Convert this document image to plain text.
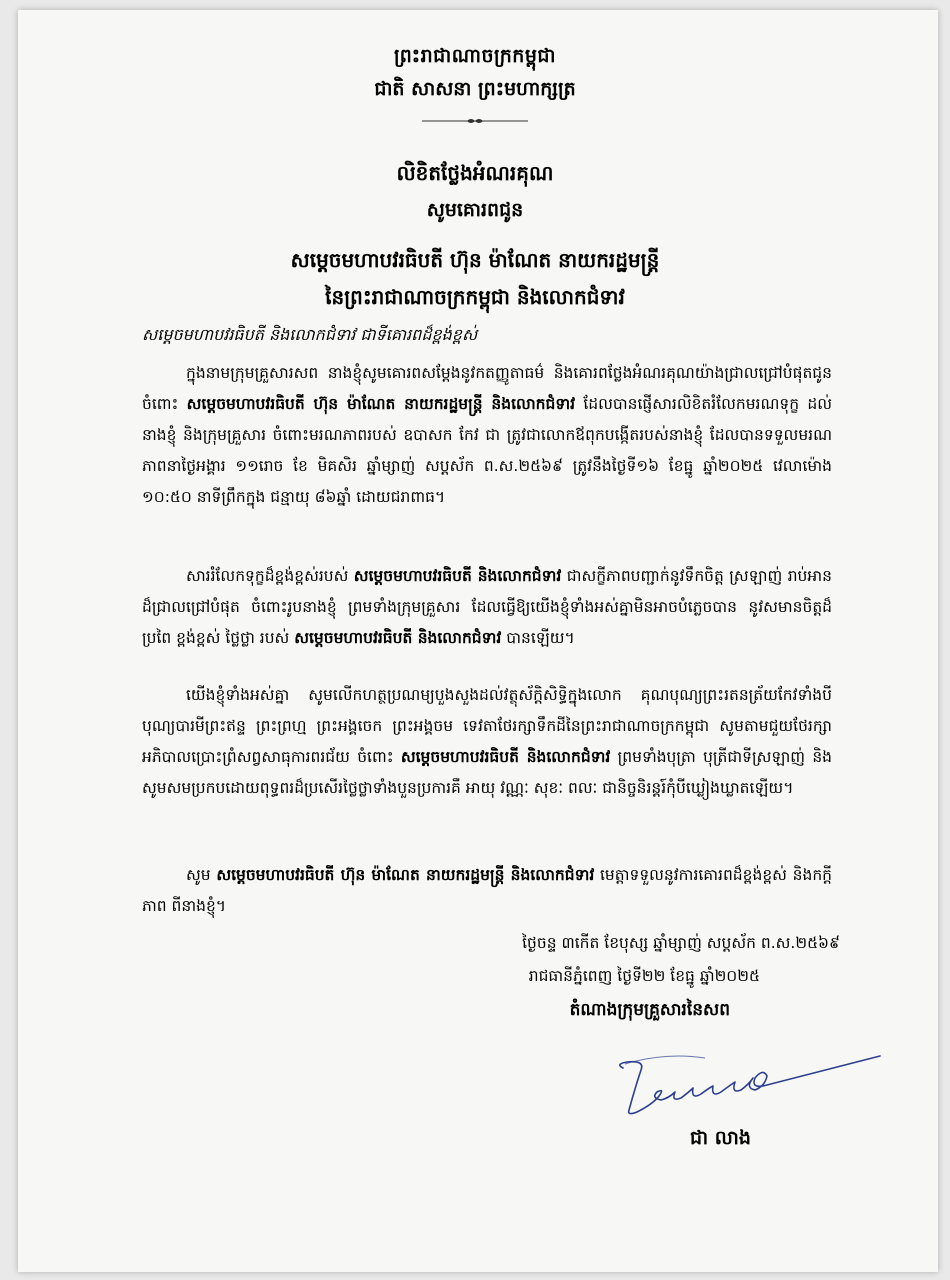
ព្រះរាជាណាចក្រកម្ពុជា
ជាតិ សាសនា ព្រះមហាក្សត្រ
លិខិតថ្លែងអំណរគុណ
សូមគោរពជូន
សម្ដេចមហាបវរធិបតី ហ៊ុន ម៉ាណែត នាយករដ្ឋមន្ត្រី
នៃព្រះរាជាណាចក្រកម្ពុជា និងលោកជំទាវ
សម្ដេចមហាបវរធិបតី និងលោកជំទាវ ជាទីគោរពដ៏ខ្ពង់ខ្ពស់
ក្នុងនាមក្រុមគ្រួសារសព នាងខ្ញុំសូមគោរពសម្ដែងនូវកតញ្ញូតាធម៌ និងគោរពថ្លែងអំណរគុណយ៉ាងជ្រាលជ្រៅបំផុតជូនចំពោះ សម្ដេចមហាបវរធិបតី ហ៊ុន ម៉ាណែត នាយករដ្ឋមន្ត្រី និងលោកជំទាវ ដែលបានផ្ញើសារលិខិតរំលែកមរណទុក្ខ ដល់នាងខ្ញុំ និងក្រុមគ្រួសារ ចំពោះមរណភាពរបស់ ឧបាសក កែវ ជា ត្រូវជាលោកឪពុកបង្កើតរបស់នាងខ្ញុំ ដែលបានទទួលមរណភាពនាថ្ងៃអង្គារ ១១រោច ខែ មិគសិរ ឆ្នាំម្សាញ់ សប្តស័ក ព.ស.២៥៦៩ ត្រូវនឹងថ្ងៃទី១៦ ខែធ្នូ ឆ្នាំ២០២៥ វេលាម៉ោង ១០:៥០ នាទីព្រឹកក្នុង ជន្មាយុ ៨៦ឆ្នាំ ដោយជរាពាធ។
សាររំលែកទុក្ខដ៏ខ្ពង់ខ្ពស់របស់ សម្ដេចមហាបវរធិបតី និងលោកជំទាវ ជាសក្ខីភាពបញ្ជាក់នូវទឹកចិត្ត ស្រឡាញ់ រាប់អានដ៏ជ្រាលជ្រៅបំផុត ចំពោះរូបនាងខ្ញុំ ព្រមទាំងក្រុមគ្រួសារ ដែលធ្វើឱ្យយើងខ្ញុំទាំងអស់គ្នាមិនអាចបំភ្លេចបាន នូវសមានចិត្តដ៏ប្រពៃ ខ្ពង់ខ្ពស់ ថ្លៃថ្លា របស់ សម្ដេចមហាបវរធិបតី និងលោកជំទាវ បានឡើយ។
យើងខ្ញុំទាំងអស់គ្នា សូមលើកហត្ថប្រណម្យបួងសួងដល់វត្ថុស័ក្តិសិទ្ធិក្នុងលោក គុណបុណ្យព្រះរតនត្រ័យកែវទាំងបី បុណ្យបារមីព្រះឥន្ទ ព្រះព្រហ្ម ព្រះអង្គចេក ព្រះអង្គចម ទេវតាថែរក្សាទឹកដីនៃព្រះរាជាណាចក្រកម្ពុជា សូមតាមជួយថែរក្សា អភិបាលប្រោះព្រំសព្វសាធុការពរជ័យ ចំពោះ សម្ដេចមហាបវរធិបតី និងលោកជំទាវ ព្រមទាំងបុត្រា បុត្រីជាទីស្រឡាញ់ និងសូមសមប្រកបដោយពុទ្ធពរដ៏ប្រសើរថ្លៃថ្លាទាំងបួនប្រការគឺ អាយុ វណ្ណៈ សុខៈ ពលៈ ជានិច្ចនិរន្តរ៍កុំបីឃ្លៀងឃ្លាតឡើយ។
សូម សម្ដេចមហាបវរធិបតី ហ៊ុន ម៉ាណែត នាយករដ្ឋមន្ត្រី និងលោកជំទាវ មេត្តាទទួលនូវការគោរពដ៏ខ្ពង់ខ្ពស់ និងកក្ដីភាព ពីនាងខ្ញុំ។
ថ្ងៃចន្ទ ៣កើត ខែបុស្ស ឆ្នាំម្សាញ់ សប្តស័ក ព.ស.២៥៦៩
រាជធានីភ្នំពេញ ថ្ងៃទី២២ ខែធ្នូ ឆ្នាំ២០២៥
តំណាងក្រុមគ្រួសារនៃសព
ជា លាង
